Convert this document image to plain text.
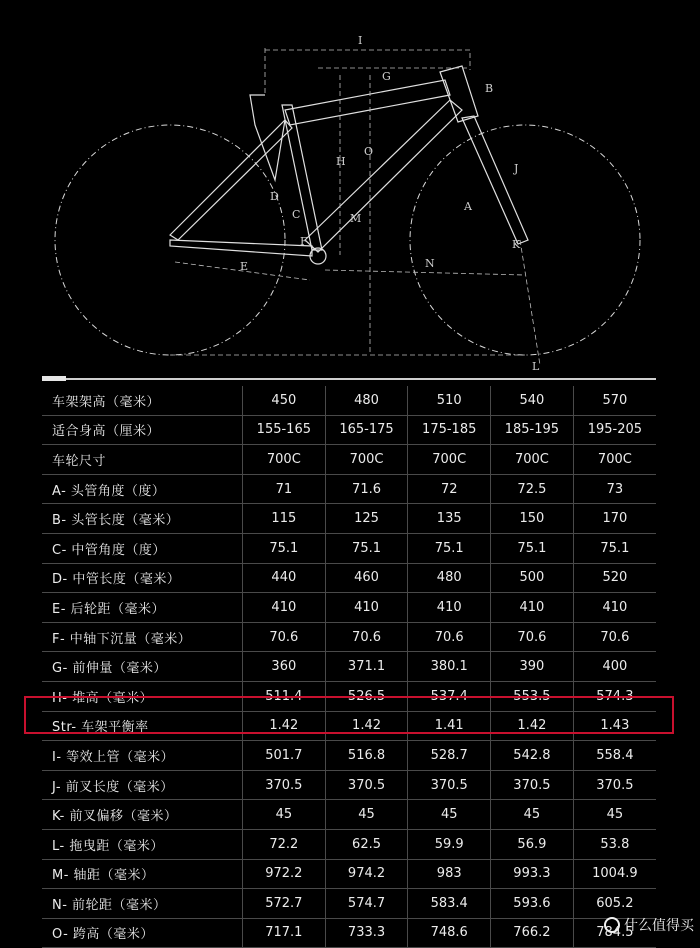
I
G
H
O
D
C
B
A
M
E	N
F	K
J
L
车架架高（毫米）	450	480	510	540	570
适合身高（厘米）	155-165	165-175	175-185	185-195	195-205
车轮尺寸	700C	700C	700C	700C	700C
A- 头管角度（度）	71	71.6	72	72.5	73
B- 头管长度（毫米）	115	125	135	150	170
C- 中管角度（度）	75.1	75.1	75.1	75.1	75.1
D- 中管长度（毫米）	440	460	480	500	520
E- 后轮距（毫米）	410	410	410	410	410
F- 中轴下沉量（毫米）	70.6	70.6	70.6	70.6	70.6
G- 前伸量（毫米）	360	371.1	380.1	390	400
H- 堆高（毫米）	511.4	526.5	537.4	553.5	574.3
Str- 车架平衡率	1.42	1.42	1.41	1.42	1.43
I- 等效上管（毫米）	501.7	516.8	528.7	542.8	558.4
J- 前叉长度（毫米）	370.5	370.5	370.5	370.5	370.5
K- 前叉偏移（毫米）	45	45	45	45	45
L- 拖曳距（毫米）	72.2	62.5	59.9	56.9	53.8
M- 轴距（毫米）	972.2	974.2	983	993.3	1004.9
N- 前轮距（毫米）	572.7	574.7	583.4	593.6	605.2
O- 跨高（毫米）	717.1	733.3	748.6	766.2	784.5
什么值得买
